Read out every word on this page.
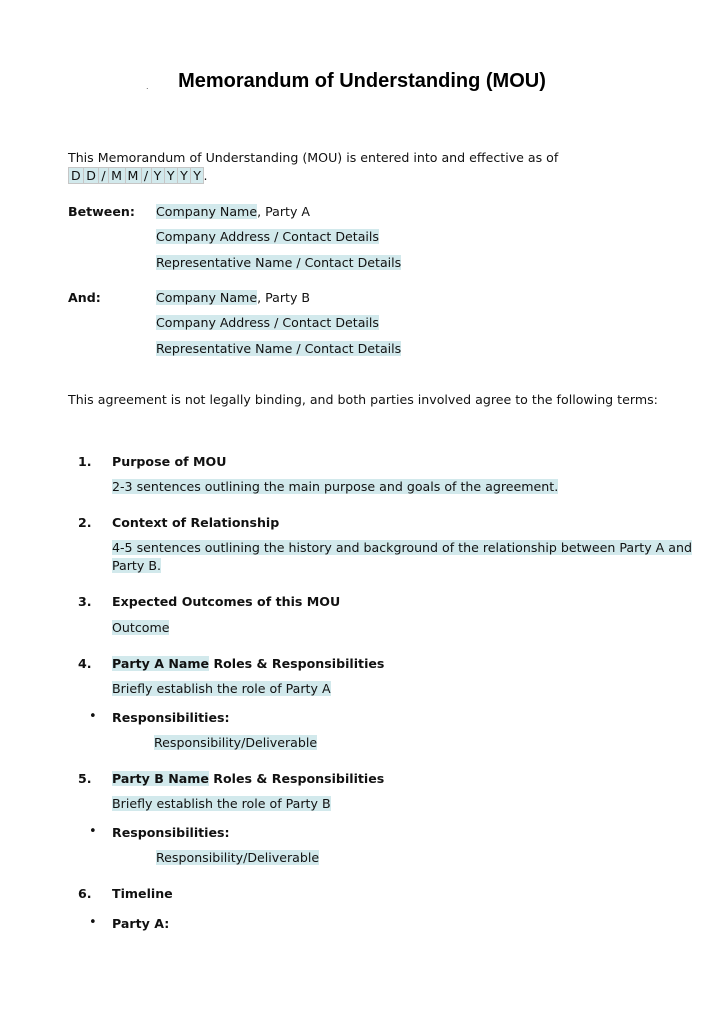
.	Memorandum of Understanding (MOU)
This Memorandum of Understanding (MOU) is entered into and effective as of
D D / M M / Y Y Y Y .
Between: Company Name, Party A
Company Address / Contact Details
Representative Name / Contact Details
And:	Company Name, Party B
Company Address / Contact Details
Representative Name / Contact Details
This agreement is not legally binding, and both parties involved agree to the following terms:
1. Purpose of MOU
2-3 sentences outlining the main purpose and goals of the agreement.
2. Context of Relationship
4-5 sentences outlining the history and background of the relationship between Party A and
Party B.
3. Expected Outcomes of this MOU
Outcome
4. Party A Name Roles & Responsibilities
Briefly establish the role of Party A
• Responsibilities:
Responsibility/Deliverable
5. Party B Name Roles & Responsibilities
Briefly establish the role of Party B
• Responsibilities:
Responsibility/Deliverable
6. Timeline
• Party A:
